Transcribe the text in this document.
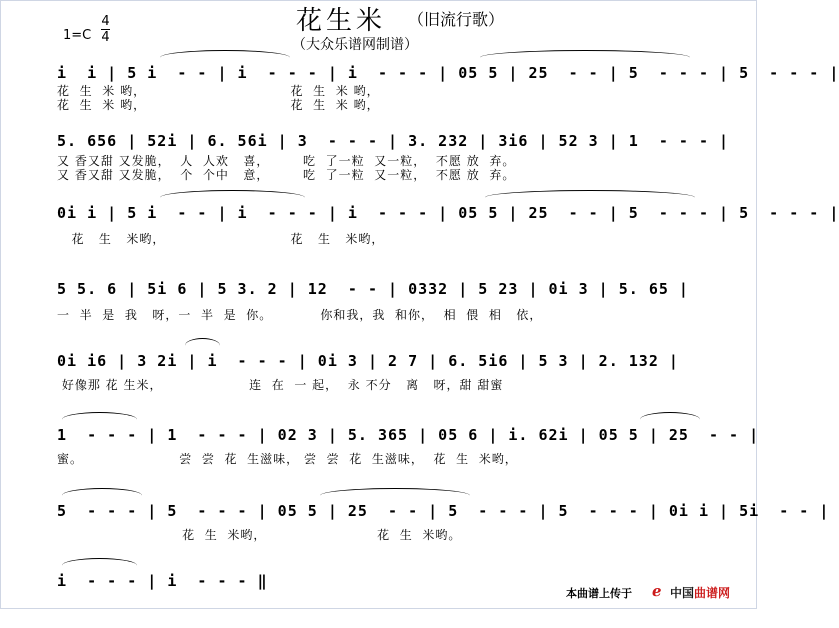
花生米 （旧流行歌）
1=C
4
4	（大众乐谱网制谱）
i  i | 5 i  - - | i  - - - | i  - - - | 05 5 | 25  - - | 5  - - - | 5  - - - |
花  生  米 哟，                              花  生  米 哟，
花  生  米 哟，                              花  生  米 哟，
5. 656 | 52i | 6. 56i | 3  - - - | 3. 232 | 3i6 | 52 3 | 1  - - - |
又 香又甜 又发脆，  人  人欢   喜，       吃  了一粒  又一粒，  不愿 放  弃。
又 香又甜 又发脆，  个  个中   意，       吃  了一粒  又一粒，  不愿 放  弃。
0i i | 5 i  - - | i  - - - | i  - - - | 05 5 | 25  - - | 5  - - - | 5  - - - |
花   生   米哟，                          花   生   米哟，
5 5. 6 | 5i 6 | 5 3. 2 | 12  - - | 0332 | 5 23 | 0i 3 | 5. 65 |
一  半  是  我   呀，一  半  是  你。          你和我，我  和你，  相  偎  相   依，
0i i6 | 3 2i | i  - - - | 0i 3 | 2 7 | 6. 5i6 | 5 3 | 2. 132 |
好像那 花 生米，                  连  在  一 起，  永 不分   离   呀，甜 甜蜜
1  - - - | 1  - - - | 02 3 | 5. 365 | 05 6 | i. 62i | 05 5 | 25  - - |
蜜。                    尝  尝  花  生滋味， 尝  尝  花  生滋味，  花  生  米哟，
5  - - - | 5  - - - | 05 5 | 25  - - | 5  - - - | 5  - - - | 0i i | 5i  - - |
花  生  米哟，                       花  生  米哟。
i  - - - | i  - - - ‖
本曲谱上传于 ℯ 中国曲谱网
